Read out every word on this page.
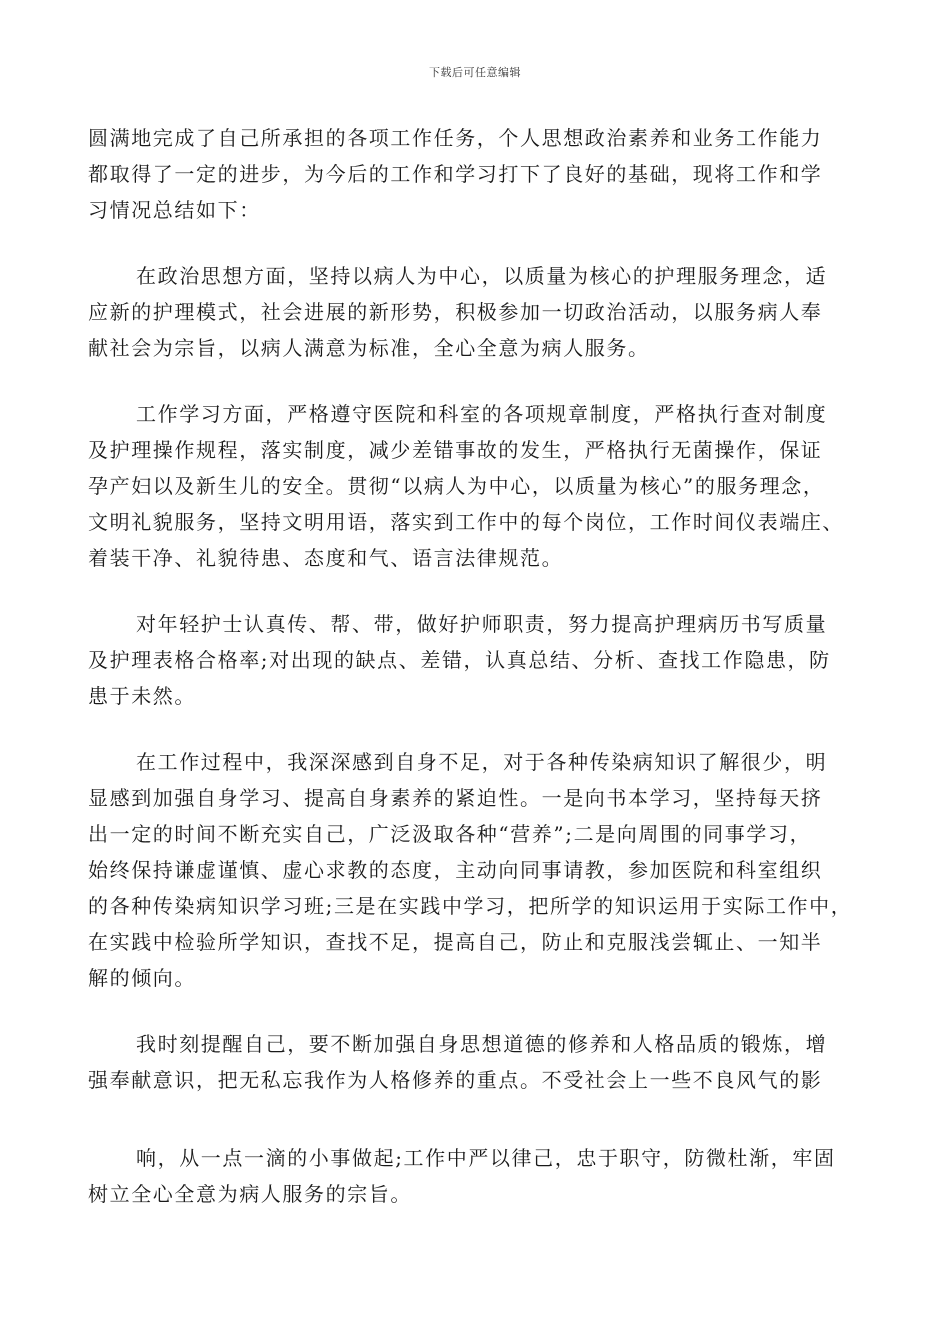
下载后可任意编辑
圆满地完成了自己所承担的各项工作任务，个人思想政治素养和业务工作能力
都取得了一定的进步，为今后的工作和学习打下了良好的基础，现将工作和学
习情况总结如下：
在政治思想方面，坚持以病人为中心，以质量为核心的护理服务理念，适
应新的护理模式，社会进展的新形势，积极参加一切政治活动，以服务病人奉
献社会为宗旨，以病人满意为标准，全心全意为病人服务。
工作学习方面，严格遵守医院和科室的各项规章制度，严格执行查对制度
及护理操作规程，落实制度，减少差错事故的发生，严格执行无菌操作，保证
孕产妇以及新生儿的安全。贯彻“以病人为中心，以质量为核心”的服务理念，
文明礼貌服务，坚持文明用语，落实到工作中的每个岗位，工作时间仪表端庄、
着装干净、礼貌待患、态度和气、语言法律规范。
对年轻护士认真传、帮、带，做好护师职责，努力提高护理病历书写质量
及护理表格合格率;对出现的缺点、差错，认真总结、分析、查找工作隐患，防
患于未然。
在工作过程中，我深深感到自身不足，对于各种传染病知识了解很少，明
显感到加强自身学习、提高自身素养的紧迫性。一是向书本学习，坚持每天挤
出一定的时间不断充实自己，广泛汲取各种“营养”;二是向周围的同事学习，
始终保持谦虚谨慎、虚心求教的态度，主动向同事请教，参加医院和科室组织
的各种传染病知识学习班;三是在实践中学习，把所学的知识运用于实际工作中，
在实践中检验所学知识，查找不足，提高自己，防止和克服浅尝辄止、一知半
解的倾向。
我时刻提醒自己，要不断加强自身思想道德的修养和人格品质的锻炼，增
强奉献意识，把无私忘我作为人格修养的重点。不受社会上一些不良风气的影
响，从一点一滴的小事做起;工作中严以律己，忠于职守，防微杜渐，牢固
树立全心全意为病人服务的宗旨。
